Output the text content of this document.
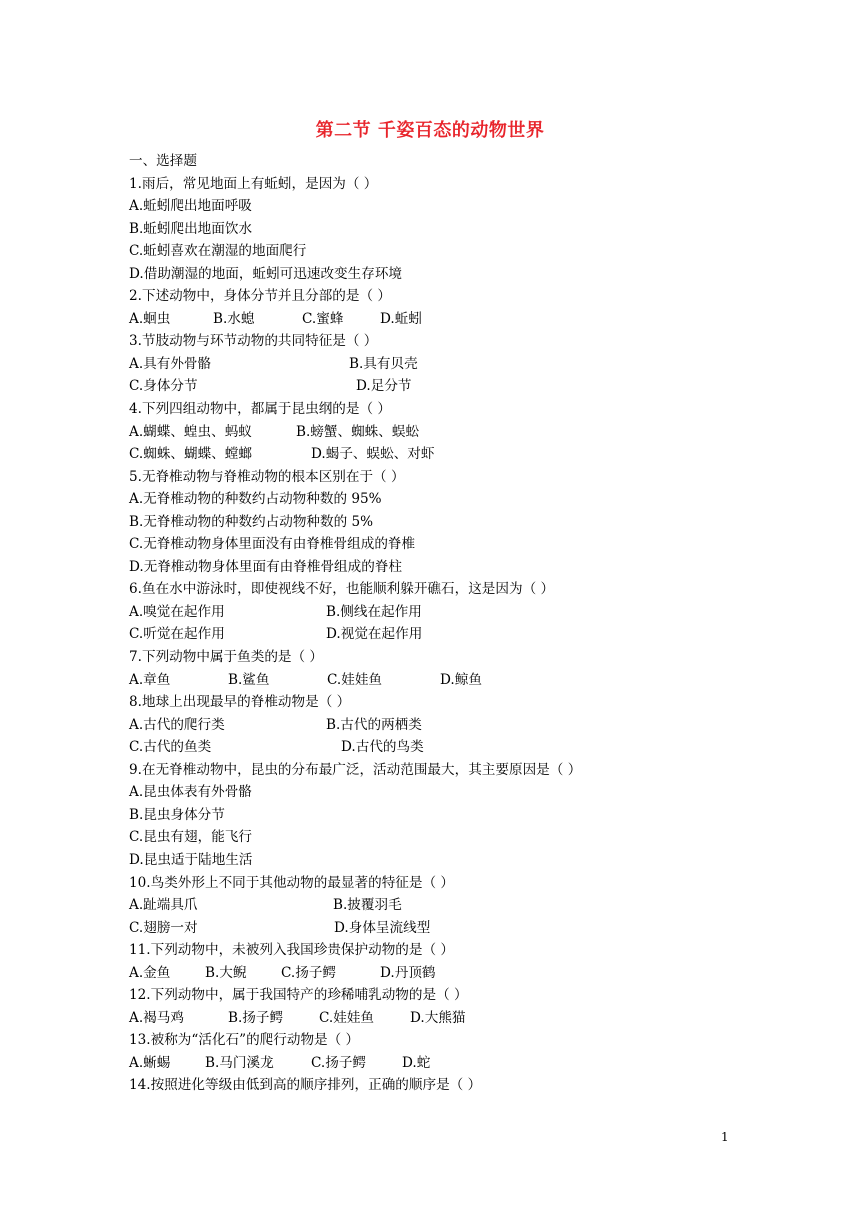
第二节 千姿百态的动物世界
一、选择题
1.雨后，常见地面上有蚯蚓，是因为（ ）
A.蚯蚓爬出地面呼吸
B.蚯蚓爬出地面饮水
C.蚯蚓喜欢在潮湿的地面爬行
D.借助潮湿的地面，蚯蚓可迅速改变生存环境
2.下述动物中，身体分节并且分部的是（ ）
A.蛔虫	B.水螅	C.蜜蜂	D.蚯蚓
3.节肢动物与环节动物的共同特征是（ ）
A.具有外骨骼	B.具有贝壳
C.身体分节	D.足分节
4.下列四组动物中，都属于昆虫纲的是（ ）
A.蝴蝶、蝗虫、蚂蚁	B.螃蟹、蜘蛛、蜈蚣
C.蜘蛛、蝴蝶、螳螂	D.蝎子、蜈蚣、对虾
5.无脊椎动物与脊椎动物的根本区别在于（ ）
A.无脊椎动物的种数约占动物种数的 95%
B.无脊椎动物的种数约占动物种数的 5%
C.无脊椎动物身体里面没有由脊椎骨组成的脊椎
D.无脊椎动物身体里面有由脊椎骨组成的脊柱
6.鱼在水中游泳时，即使视线不好，也能顺利躲开礁石，这是因为（ ）
A.嗅觉在起作用	B.侧线在起作用
C.听觉在起作用	D.视觉在起作用
7.下列动物中属于鱼类的是（ ）
A.章鱼	B.鲨鱼	C.娃娃鱼	D.鲸鱼
8.地球上出现最早的脊椎动物是（ ）
A.古代的爬行类	B.古代的两栖类
C.古代的鱼类	D.古代的鸟类
9.在无脊椎动物中，昆虫的分布最广泛，活动范围最大，其主要原因是（ ）
A.昆虫体表有外骨骼
B.昆虫身体分节
C.昆虫有翅，能飞行
D.昆虫适于陆地生活
10.鸟类外形上不同于其他动物的最显著的特征是（ ）
A.趾端具爪	B.披覆羽毛
C.翅膀一对	D.身体呈流线型
11.下列动物中，未被列入我国珍贵保护动物的是（ ）
A.金鱼	B.大鲵	C.扬子鳄	D.丹顶鹤
12.下列动物中，属于我国特产的珍稀哺乳动物的是（ ）
A.褐马鸡	B.扬子鳄	C.娃娃鱼	D.大熊猫
13.被称为“活化石”的爬行动物是（ ）
A.蜥蜴	B.马门溪龙	C.扬子鳄	D.蛇
14.按照进化等级由低到高的顺序排列，正确的顺序是（ ）
1
